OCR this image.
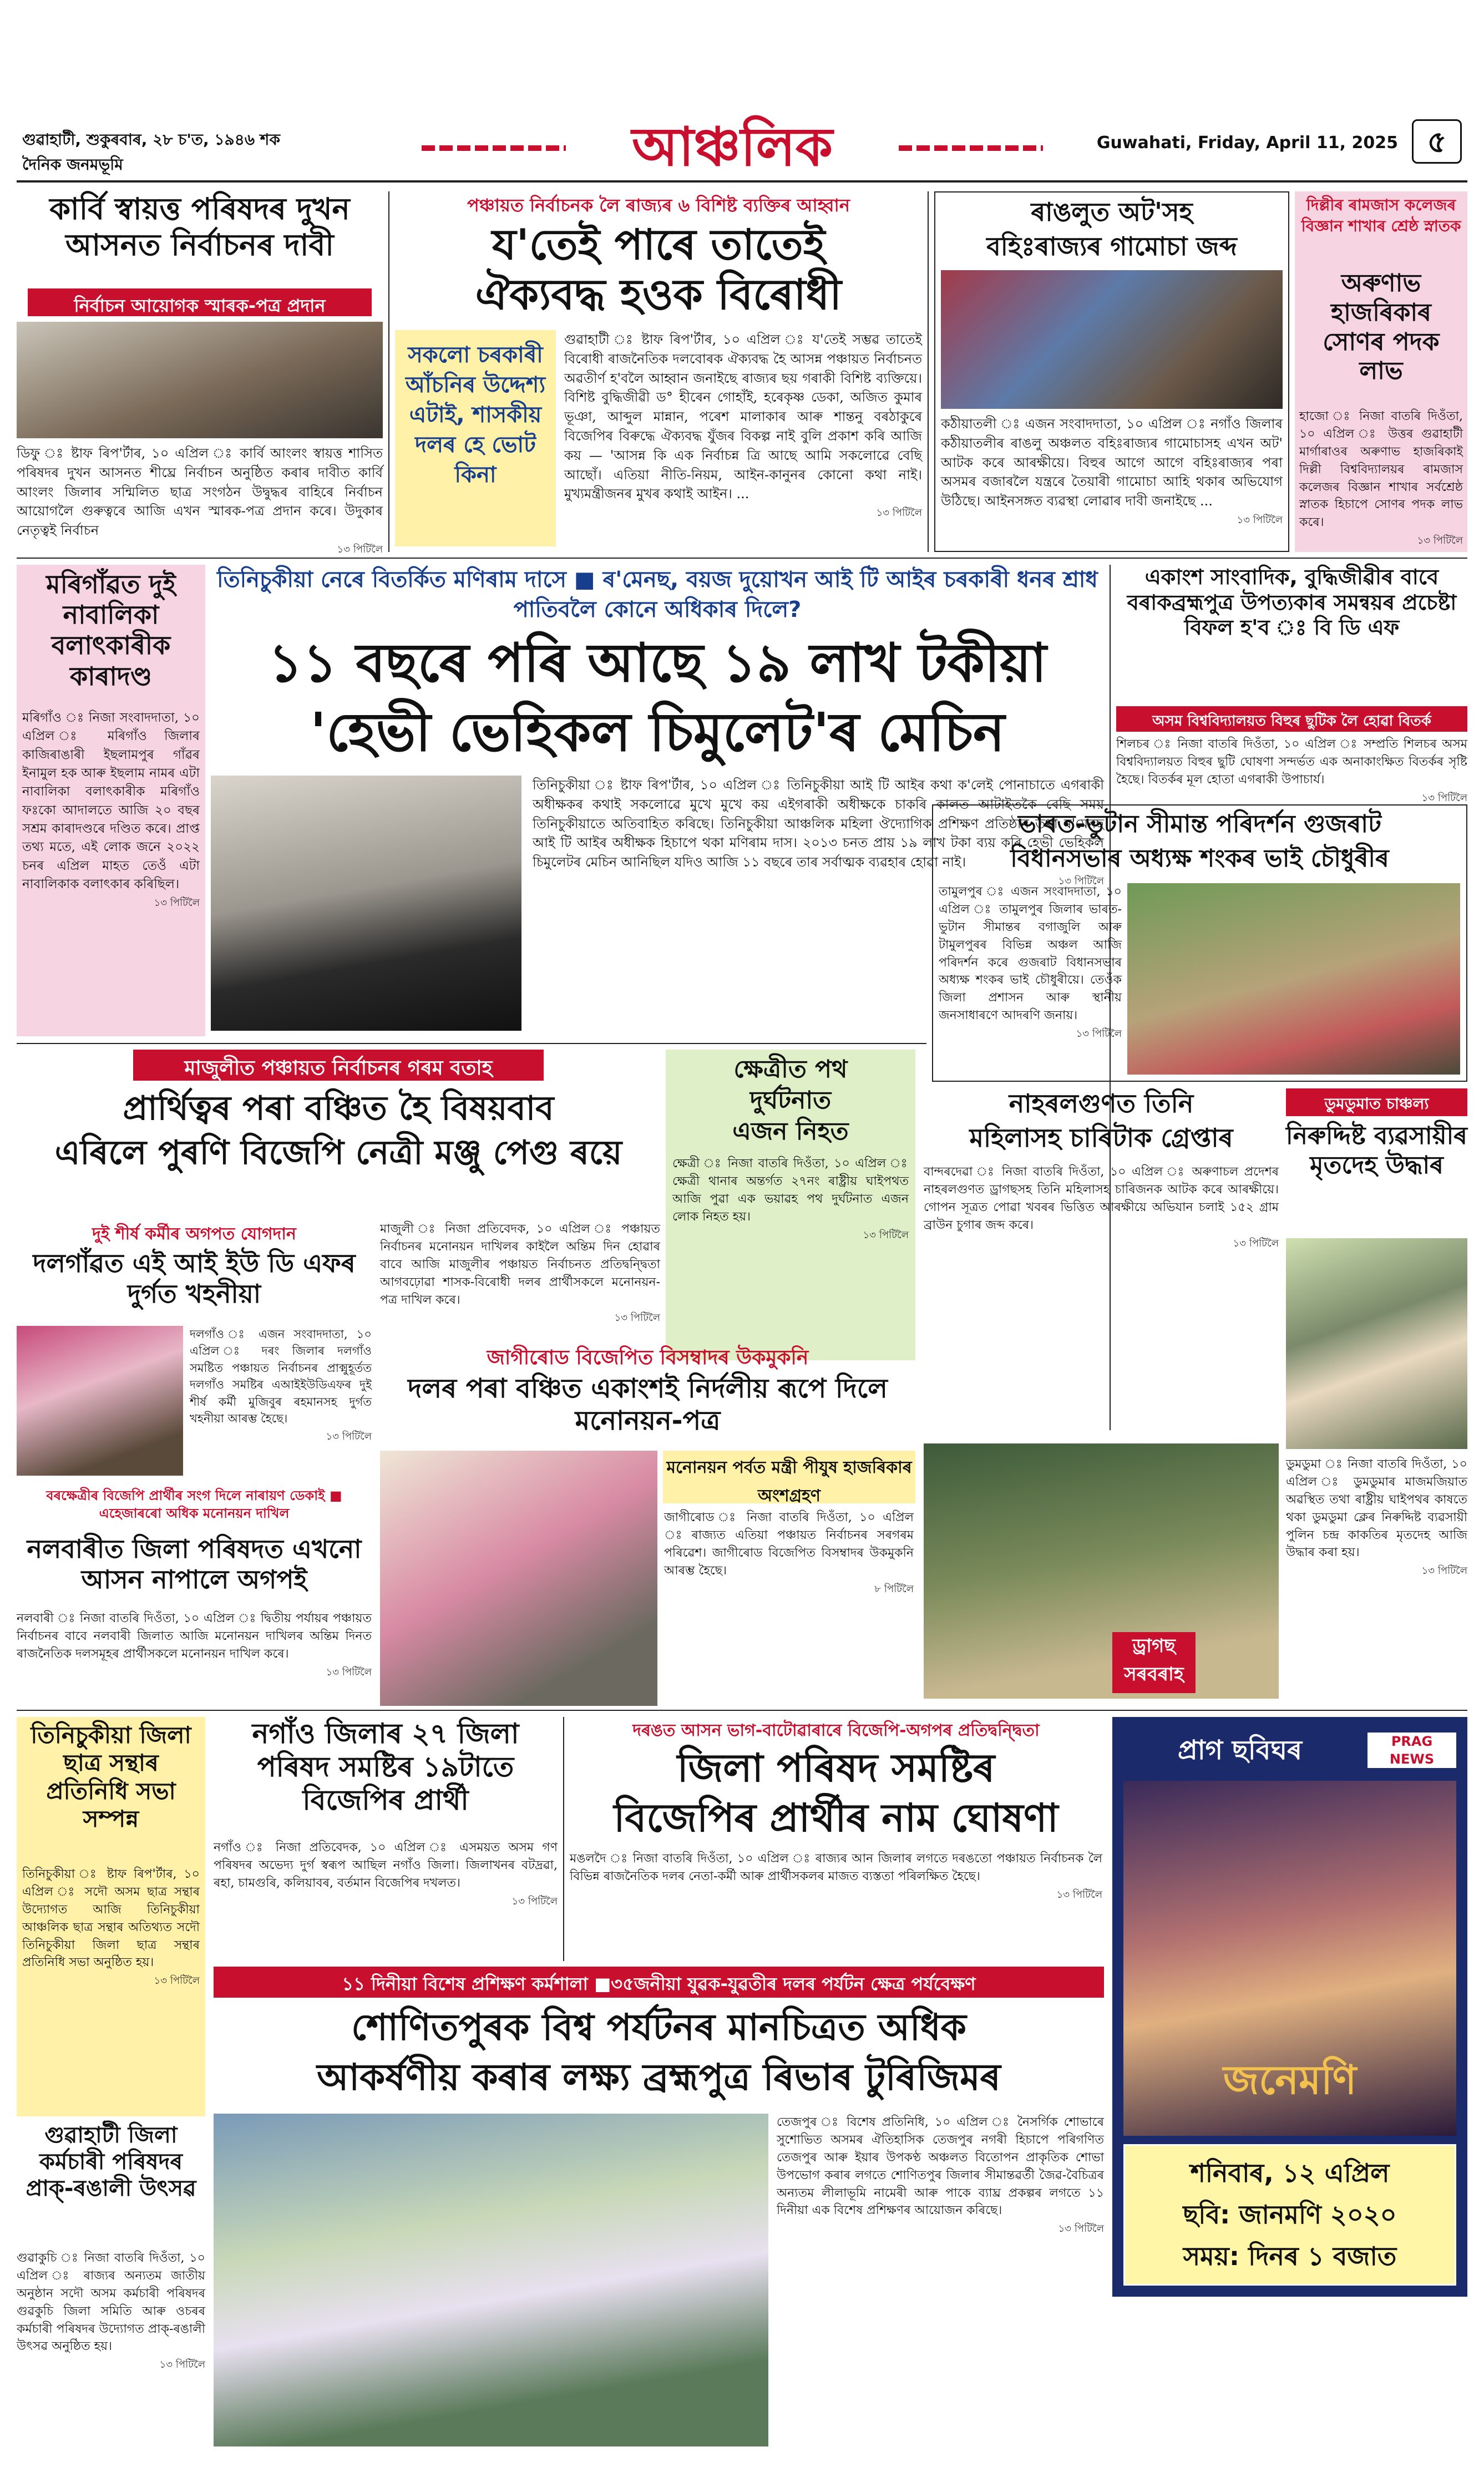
গুৱাহাটী, শুকুৰবাৰ, ২৮ চ'ত, ১৯৪৬ শক
দৈনিক জনমভূমি	আঞ্চলিক	Guwahati, Friday, April 11, 2025 ৫
কাৰ্বি স্বায়ত্ত পৰিষদৰ দুখন আসনত নিৰ্বাচনৰ দাবী
নিৰ্বাচন আয়োগক স্মাৰক-পত্ৰ প্ৰদান

ডিফু ঃ ষ্টাফ ৰিপ'ৰ্টাৰ, ১০ এপ্ৰিল ঃ কাৰ্বি আংলং স্বায়ত্ত শাসিত পৰিষদৰ দুখন আসনত শীঘ্ৰে নিৰ্বাচন অনুষ্ঠিত কৰাৰ দাবীত কাৰ্বি আংলং জিলাৰ সন্মিলিত ছাত্ৰ সংগঠন উদ্বুদ্ধৰ বাহিৰে নিৰ্বাচন আয়োগলৈ গুৰুত্বৰে আজি এখন স্মাৰক-পত্ৰ প্ৰদান কৰে। উদুকাৰ নেতৃত্বই নিৰ্বাচন
১৩ পিটিলৈ

পঞ্চায়ত নিৰ্বাচনক লৈ ৰাজ্যৰ ৬ বিশিষ্ট ব্যক্তিৰ আহ্বান
য'তেই পাৰে তাতেই
ঐক্যবদ্ধ হওক বিৰোধী
সকলো চৰকাৰী আঁচনিৰ উদ্দেশ্য এটাই, শাসকীয় দলৰ হে ভোট কিনা

গুৱাহাটী ঃ ষ্টাফ ৰিপ'ৰ্টাৰ, ১০ এপ্ৰিল ঃ য'তেই সম্ভৱ তাতেই বিৰোধী ৰাজনৈতিক দলবোৰক ঐক্যবদ্ধ হৈ আসন্ন পঞ্চায়ত নিৰ্বাচনত অৱতীৰ্ণ হ'বলৈ আহ্বান জনাইছে ৰাজ্যৰ ছয় গৰাকী বিশিষ্ট ব্যক্তিয়ে। বিশিষ্ট বুদ্ধিজীৱী ড° হীৰেন গোহাঁই, হৰেকৃষ্ণ ডেকা, অজিত কুমাৰ ভূঞা, আব্দুল মান্নান, পৰেশ মালাকাৰ আৰু শান্তনু বৰঠাকুৰে বিজেপিৰ বিৰুদ্ধে ঐক্যবদ্ধ যুঁজৰ বিকল্প নাই বুলি প্ৰকাশ কৰি আজি কয় — 'আসন্ন কি এক নিৰ্বাচন্ন ত্ৰি আছে আমি সকলোৱে বেছি আছোঁ। এতিয়া নীতি-নিয়ম, আইন-কানুনৰ কোনো কথা নাই। মুখ্যমন্ত্ৰীজনৰ মুখৰ কথাই আইন। ...
১৩ পিটিলৈ

ৰাঙলুত অট'সহ
বহিঃৰাজ্যৰ গামোচা জব্দ

কঠীয়াতলী ঃ এজন সংবাদদাতা, ১০ এপ্ৰিল ঃ নগাঁও জিলাৰ কঠীয়াতলীৰ ৰাঙলু অঞ্চলত বহিঃৰাজ্যৰ গামোচাসহ এখন অট' আটক কৰে আৰক্ষীয়ে। বিহুৰ আগে আগে বহিঃৰাজ্যৰ পৰা অসমৰ বজাৰলৈ যন্ত্ৰৰে তৈয়াৰী গামোচা আহি থকাৰ অভিযোগ উঠিছে। আইনসঙ্গত ব্যৱস্থা লোৱাৰ দাবী জনাইছে ...
১৩ পিটিলৈ

দিল্লীৰ ৰামজাস কলেজৰ বিজ্ঞান শাখাৰ শ্ৰেষ্ঠ স্নাতক
অৰুণাভ হাজৰিকাৰ সোণৰ পদক লাভ

হাজো ঃ নিজা বাতৰি দিওঁতা, ১০ এপ্ৰিল ঃ উত্তৰ গুৱাহাটী মাৰ্গাৰাওৰ অৰুণাভ হাজৰিকাই দিল্লী বিশ্ববিদ্যালয়ৰ ৰামজাস কলেজৰ বিজ্ঞান শাখাৰ সৰ্বশ্ৰেষ্ঠ স্নাতক হিচাপে সোণৰ পদক লাভ কৰে।
১৩ পিটিলৈ

মৰিগাঁৱত দুই নাবালিকা বলাৎকাৰীক কাৰাদণ্ড

মৰিগাঁও ঃ নিজা সংবাদদাতা, ১০ এপ্ৰিল ঃ মৰিগাঁও জিলাৰ কাজিৰাঙাৰী ইছলামপুৰ গাঁৱৰ ইনামুল হক আৰু ইছলাম নামৰ এটা নাবালিকা বলাৎকাৰীক মৰিগাঁও ফঃকো আদালতে আজি ২০ বছৰ সশ্ৰম কাৰাদণ্ডৰে দণ্ডিত কৰে। প্ৰাপ্ত তথ্য মতে, এই লোক জনে ২০২২ চনৰ এপ্ৰিল মাহত তেওঁ এটা নাবালিকাক বলাৎকাৰ কৰিছিল।
১৩ পিটিলৈ

তিনিচুকীয়া নেৰে বিতৰ্কিত মণিৰাম দাসে ■ ৰ'মেনছ, বয়জ দুয়োখন আই টি আইৰ চৰকাৰী ধনৰ শ্ৰাধ পাতিবলৈ কোনে অধিকাৰ দিলে?
১১ বছৰে পৰি আছে ১৯ লাখ টকীয়া
'হেভী ভেহিকল চিমুলেট'ৰ মেচিন

তিনিচুকীয়া ঃ ষ্টাফ ৰিপ'ৰ্টাৰ, ১০ এপ্ৰিল ঃ তিনিচুকীয়া আই টি আইৰ কথা ক'লেই পোনাচাতে এগৰাকী অধীক্ষকৰ কথাই সকলোৱে মুখে মুখে কয় এইগৰাকী অধীক্ষকে চাকৰি কালত আটাইতকৈ বেছি সময় তিনিচুকীয়াতে অতিবাহিত কৰিছে। তিনিচুকীয়া আঞ্চলিক মহিলা ঔদ্যোগিক প্ৰশিক্ষণ প্ৰতিষ্ঠান তথা ৰ'মেনছ আই টি আইৰ অধীক্ষক হিচাপে থকা মণিৰাম দাস। ২০১৩ চনত প্ৰায় ১৯ লাখ টকা ব্যয় কৰি হেভী ভেহিকল চিমুলেটৰ মেচিন আনিছিল যদিও আজি ১১ বছৰে তাৰ সৰ্বাত্মক ব্যৱহাৰ হোৱা নাই।
১৩ পিটিলৈ

একাংশ সাংবাদিক, বুদ্ধিজীৱীৰ বাবে বৰাকব্ৰহ্মপুত্ৰ উপত্যকাৰ সমন্বয়ৰ প্ৰচেষ্টা বিফল হ'ব ঃ বি ডি এফ
অসম বিশ্ববিদ্যালয়ত বিহুৰ ছুটিক লৈ হোৱা বিতৰ্ক

শিলচৰ ঃ নিজা বাতৰি দিওঁতা, ১০ এপ্ৰিল ঃ সম্প্ৰতি শিলচৰ অসম বিশ্ববিদ্যালয়ত বিহুৰ ছুটি ঘোষণা সন্দৰ্ভত এক অনাকাংক্ষিত বিতৰ্কৰ সৃষ্টি হৈছে। বিতৰ্কৰ মূল হোতা এগৰাকী উপাচাৰ্য।
১৩ পিটিলৈ

ভাৰত-ভুটান সীমান্ত পৰিদৰ্শন গুজৰাট
বিধানসভাৰ অধ্যক্ষ শংকৰ ভাই চৌধুৰীৰ

তামুলপুৰ ঃ এজন সংবাদদাতা, ১০ এপ্ৰিল ঃ তামুলপুৰ জিলাৰ ভাৰত-ভুটান সীমান্তৰ বগাজুলি আৰু টামুলপুৰৰ বিভিন্ন অঞ্চল আজি পৰিদৰ্শন কৰে গুজৰাট বিধানসভাৰ অধ্যক্ষ শংকৰ ভাই চৌধুৰীয়ে। তেওঁক জিলা প্ৰশাসন আৰু স্থানীয় জনসাধাৰণে আদৰণি জনায়।
১৩ পিটিলৈ

মাজুলীত পঞ্চায়ত নিৰ্বাচনৰ গৰম বতাহ
প্ৰাৰ্থিত্বৰ পৰা বঞ্চিত হৈ বিষয়বাব
এৰিলে পুৰণি বিজেপি নেত্ৰী মঞ্জু পেগু ৰয়ে
ক্ষেত্ৰীত পথ
দুৰ্ঘটনাত
এজন নিহত

ক্ষেত্ৰী ঃ নিজা বাতৰি দিওঁতা, ১০ এপ্ৰিল ঃ ক্ষেত্ৰী থানাৰ অন্তৰ্গত ২৭নং ৰাষ্ট্ৰীয় ঘাইপথত আজি পুৱা এক ভয়াৱহ পথ দুৰ্ঘটনাত এজন লোক নিহত হয়।
১৩ পিটিলৈ

দুই শীৰ্ষ কৰ্মীৰ অগপত যোগদান
দলগাঁৱত এই আই ইউ ডি এফৰ দুৰ্গত খহনীয়া

দলগাঁও ঃ এজন সংবাদদাতা, ১০ এপ্ৰিল ঃ দৰং জিলাৰ দলগাঁও সমষ্টিত পঞ্চায়ত নিৰ্বাচনৰ প্ৰাক্মুহূৰ্তত দলগাঁও সমষ্টিৰ এআইইউডিএফৰ দুই শীৰ্ষ কৰ্মী মুজিবুৰ ৰহমানসহ দুৰ্গত খহনীয়া আৰম্ভ হৈছে।
১৩ পিটিলৈ

মাজুলী ঃ নিজা প্ৰতিবেদক, ১০ এপ্ৰিল ঃ পঞ্চায়ত নিৰ্বাচনৰ মনোনয়ন দাখিলৰ কাইলৈ অন্তিম দিন হোৱাৰ বাবে আজি মাজুলীৰ পঞ্চায়ত নিৰ্বাচনত প্ৰতিদ্বন্দ্বিতা আগবঢ়োৱা শাসক-বিৰোধী দলৰ প্ৰাৰ্থীসকলে মনোনয়ন-পত্ৰ দাখিল কৰে।
১৩ পিটিলৈ

জাগীৰোড বিজেপিত বিসম্বাদৰ উকমুকনি
দলৰ পৰা বঞ্চিত একাংশই নিৰ্দলীয় ৰূপে দিলে মনোনয়ন-পত্ৰ
মনোনয়ন পৰ্বত মন্ত্ৰী পীযুষ হাজৰিকাৰ অংশগ্ৰহণ

জাগীৰোড ঃ নিজা বাতৰি দিওঁতা, ১০ এপ্ৰিল ঃ ৰাজ্যত এতিয়া পঞ্চায়ত নিৰ্বাচনৰ সৰগৰম পৰিৱেশ। জাগীৰোড বিজেপিত বিসম্বাদৰ উকমুকনি আৰম্ভ হৈছে।
৮ পিটিলৈ

নাহৰলগুণত তিনি
মহিলাসহ চাৰিটাক গ্ৰেপ্তাৰ

বান্দৰদেৱা ঃ নিজা বাতৰি দিওঁতা, ১০ এপ্ৰিল ঃ অৰুণাচল প্ৰদেশৰ নাহৰলগুণত ড্ৰাগছসহ তিনি মহিলাসহ চাৰিজনক আটক কৰে আৰক্ষীয়ে। গোপন সূত্ৰত পোৱা খবৰৰ ভিত্তিত আৰক্ষীয়ে অভিযান চলাই ১৫২ গ্ৰাম ব্ৰাউন চুগাৰ জব্দ কৰে।
১৩ পিটিলৈ

ড্ৰাগছ
সৰবৰাহ
ডুমডুমাত চাঞ্চল্য
নিৰুদ্দিষ্ট ব্যৱসায়ীৰ মৃতদেহ উদ্ধাৰ

ডুমডুমা ঃ নিজা বাতৰি দিওঁতা, ১০ এপ্ৰিল ঃ ডুমডুমাৰ মাজমজিয়াত অৱস্থিত তথা ৰাষ্ট্ৰীয় ঘাইপথৰ কাষতে থকা ডুমডুমা ক্লেৰ নিৰুদ্দিষ্ট ব্যৱসায়ী পুলিন চন্দ্ৰ কাকতিৰ মৃতদেহ আজি উদ্ধাৰ কৰা হয়।
১৩ পিটিলৈ

বৰক্ষেত্ৰীৰ বিজেপি প্ৰাৰ্থীৰ সংগ দিলে নাৰায়ণ ডেকাই ■ এহেজাৰৰো অধিক মনোনয়ন দাখিল
নলবাৰীত জিলা পৰিষদত এখনো আসন নাপালে অগপই

নলবাৰী ঃ নিজা বাতৰি দিওঁতা, ১০ এপ্ৰিল ঃ দ্বিতীয় পৰ্যায়ৰ পঞ্চায়ত নিৰ্বাচনৰ বাবে নলবাৰী জিলাত আজি মনোনয়ন দাখিলৰ অন্তিম দিনত ৰাজনৈতিক দলসমূহৰ প্ৰাৰ্থীসকলে মনোনয়ন দাখিল কৰে।
১৩ পিটিলৈ

তিনিচুকীয়া জিলা ছাত্ৰ সন্থাৰ প্ৰতিনিধি সভা সম্পন্ন

তিনিচুকীয়া ঃ ষ্টাফ ৰিপ'ৰ্টাৰ, ১০ এপ্ৰিল ঃ সদৌ অসম ছাত্ৰ সন্থাৰ উদ্যোগত আজি তিনিচুকীয়া আঞ্চলিক ছাত্ৰ সন্থাৰ অতিথ্যত সদৌ তিনিচুকীয়া জিলা ছাত্ৰ সন্থাৰ প্ৰতিনিধি সভা অনুষ্ঠিত হয়।
১৩ পিটিলৈ

নগাঁও জিলাৰ ২৭ জিলা পৰিষদ সমষ্টিৰ ১৯টাতে বিজেপিৰ প্ৰাৰ্থী

নগাঁও ঃ নিজা প্ৰতিবেদক, ১০ এপ্ৰিল ঃ এসময়ত অসম গণ পৰিষদৰ অভেদ্য দুৰ্গ স্বৰূপ আছিল নগাঁও জিলা। জিলাখনৰ বটদ্ৰৱা, ৰহা, চামগুৰি, কলিয়াবৰ, বৰ্তমান বিজেপিৰ দখলত।
১৩ পিটিলৈ

দৰঙত আসন ভাগ-বাটোৱাৰাৰে বিজেপি-অগপৰ প্ৰতিদ্বন্দ্বিতা
জিলা পৰিষদ সমষ্টিৰ
বিজেপিৰ প্ৰাৰ্থীৰ নাম ঘোষণা

মঙলদৈ ঃ নিজা বাতৰি দিওঁতা, ১০ এপ্ৰিল ঃ ৰাজ্যৰ আন জিলাৰ লগতে দৰঙতো পঞ্চায়ত নিৰ্বাচনক লৈ বিভিন্ন ৰাজনৈতিক দলৰ নেতা-কৰ্মী আৰু প্ৰাৰ্থীসকলৰ মাজত ব্যস্ততা পৰিলক্ষিত হৈছে।
১৩ পিটিলৈ

প্ৰাগ ছবিঘৰ	PRAG NEWS
জনেমণি
শনিবাৰ, ১২ এপ্ৰিল
ছবি: জানমণি ২০২০
সময়: দিনৰ ১ বজাত
১১ দিনীয়া বিশেষ প্ৰশিক্ষণ কৰ্মশালা ■৩৫জনীয়া যুৱক-যুৱতীৰ দলৰ পৰ্যটন ক্ষেত্ৰ পৰ্যবেক্ষণ
শোণিতপুৰক বিশ্ব পৰ্যটনৰ মানচিত্ৰত অধিক
আকৰ্ষণীয় কৰাৰ লক্ষ্য ব্ৰহ্মপুত্ৰ ৰিভাৰ টুৰিজিমৰ

তেজপুৰ ঃ বিশেষ প্ৰতিনিধি, ১০ এপ্ৰিল ঃ নৈসৰ্গিক শোভাৰে সুশোভিত অসমৰ ঐতিহাসিক তেজপুৰ নগৰী হিচাপে পৰিগণিত তেজপুৰ আৰু ইয়াৰ উপকণ্ঠ অঞ্চলত বিতোপন প্ৰাকৃতিক শোভা উপভোগ কৰাৰ লগতে শোণিতপুৰ জিলাৰ সীমান্তৱৰ্তী জৈৱ-বৈচিত্ৰৰ অন্যতম লীলাভূমি নামেৰী আৰু পাকে ব্যাঘ্ৰ প্ৰকল্পৰ লগতে ১১ দিনীয়া এক বিশেষ প্ৰশিক্ষণৰ আয়োজন কৰিছে।
১৩ পিটিলৈ

গুৱাহাটী জিলা কৰ্মচাৰী পৰিষদৰ প্ৰাক্-ৰঙালী উৎসৱ

গুৱাকুচি ঃ নিজা বাতৰি দিওঁতা, ১০ এপ্ৰিল ঃ ৰাজ্যৰ অন্যতম জাতীয় অনুষ্ঠান সদৌ অসম কৰ্মচাৰী পৰিষদৰ গুৱকুচি জিলা সমিতি আৰু ওচৰৰ কৰ্মচাৰী পৰিষদৰ উদ্যোগত প্ৰাক্-ৰঙালী উৎসৱ অনুষ্ঠিত হয়।
১৩ পিটিলৈ
